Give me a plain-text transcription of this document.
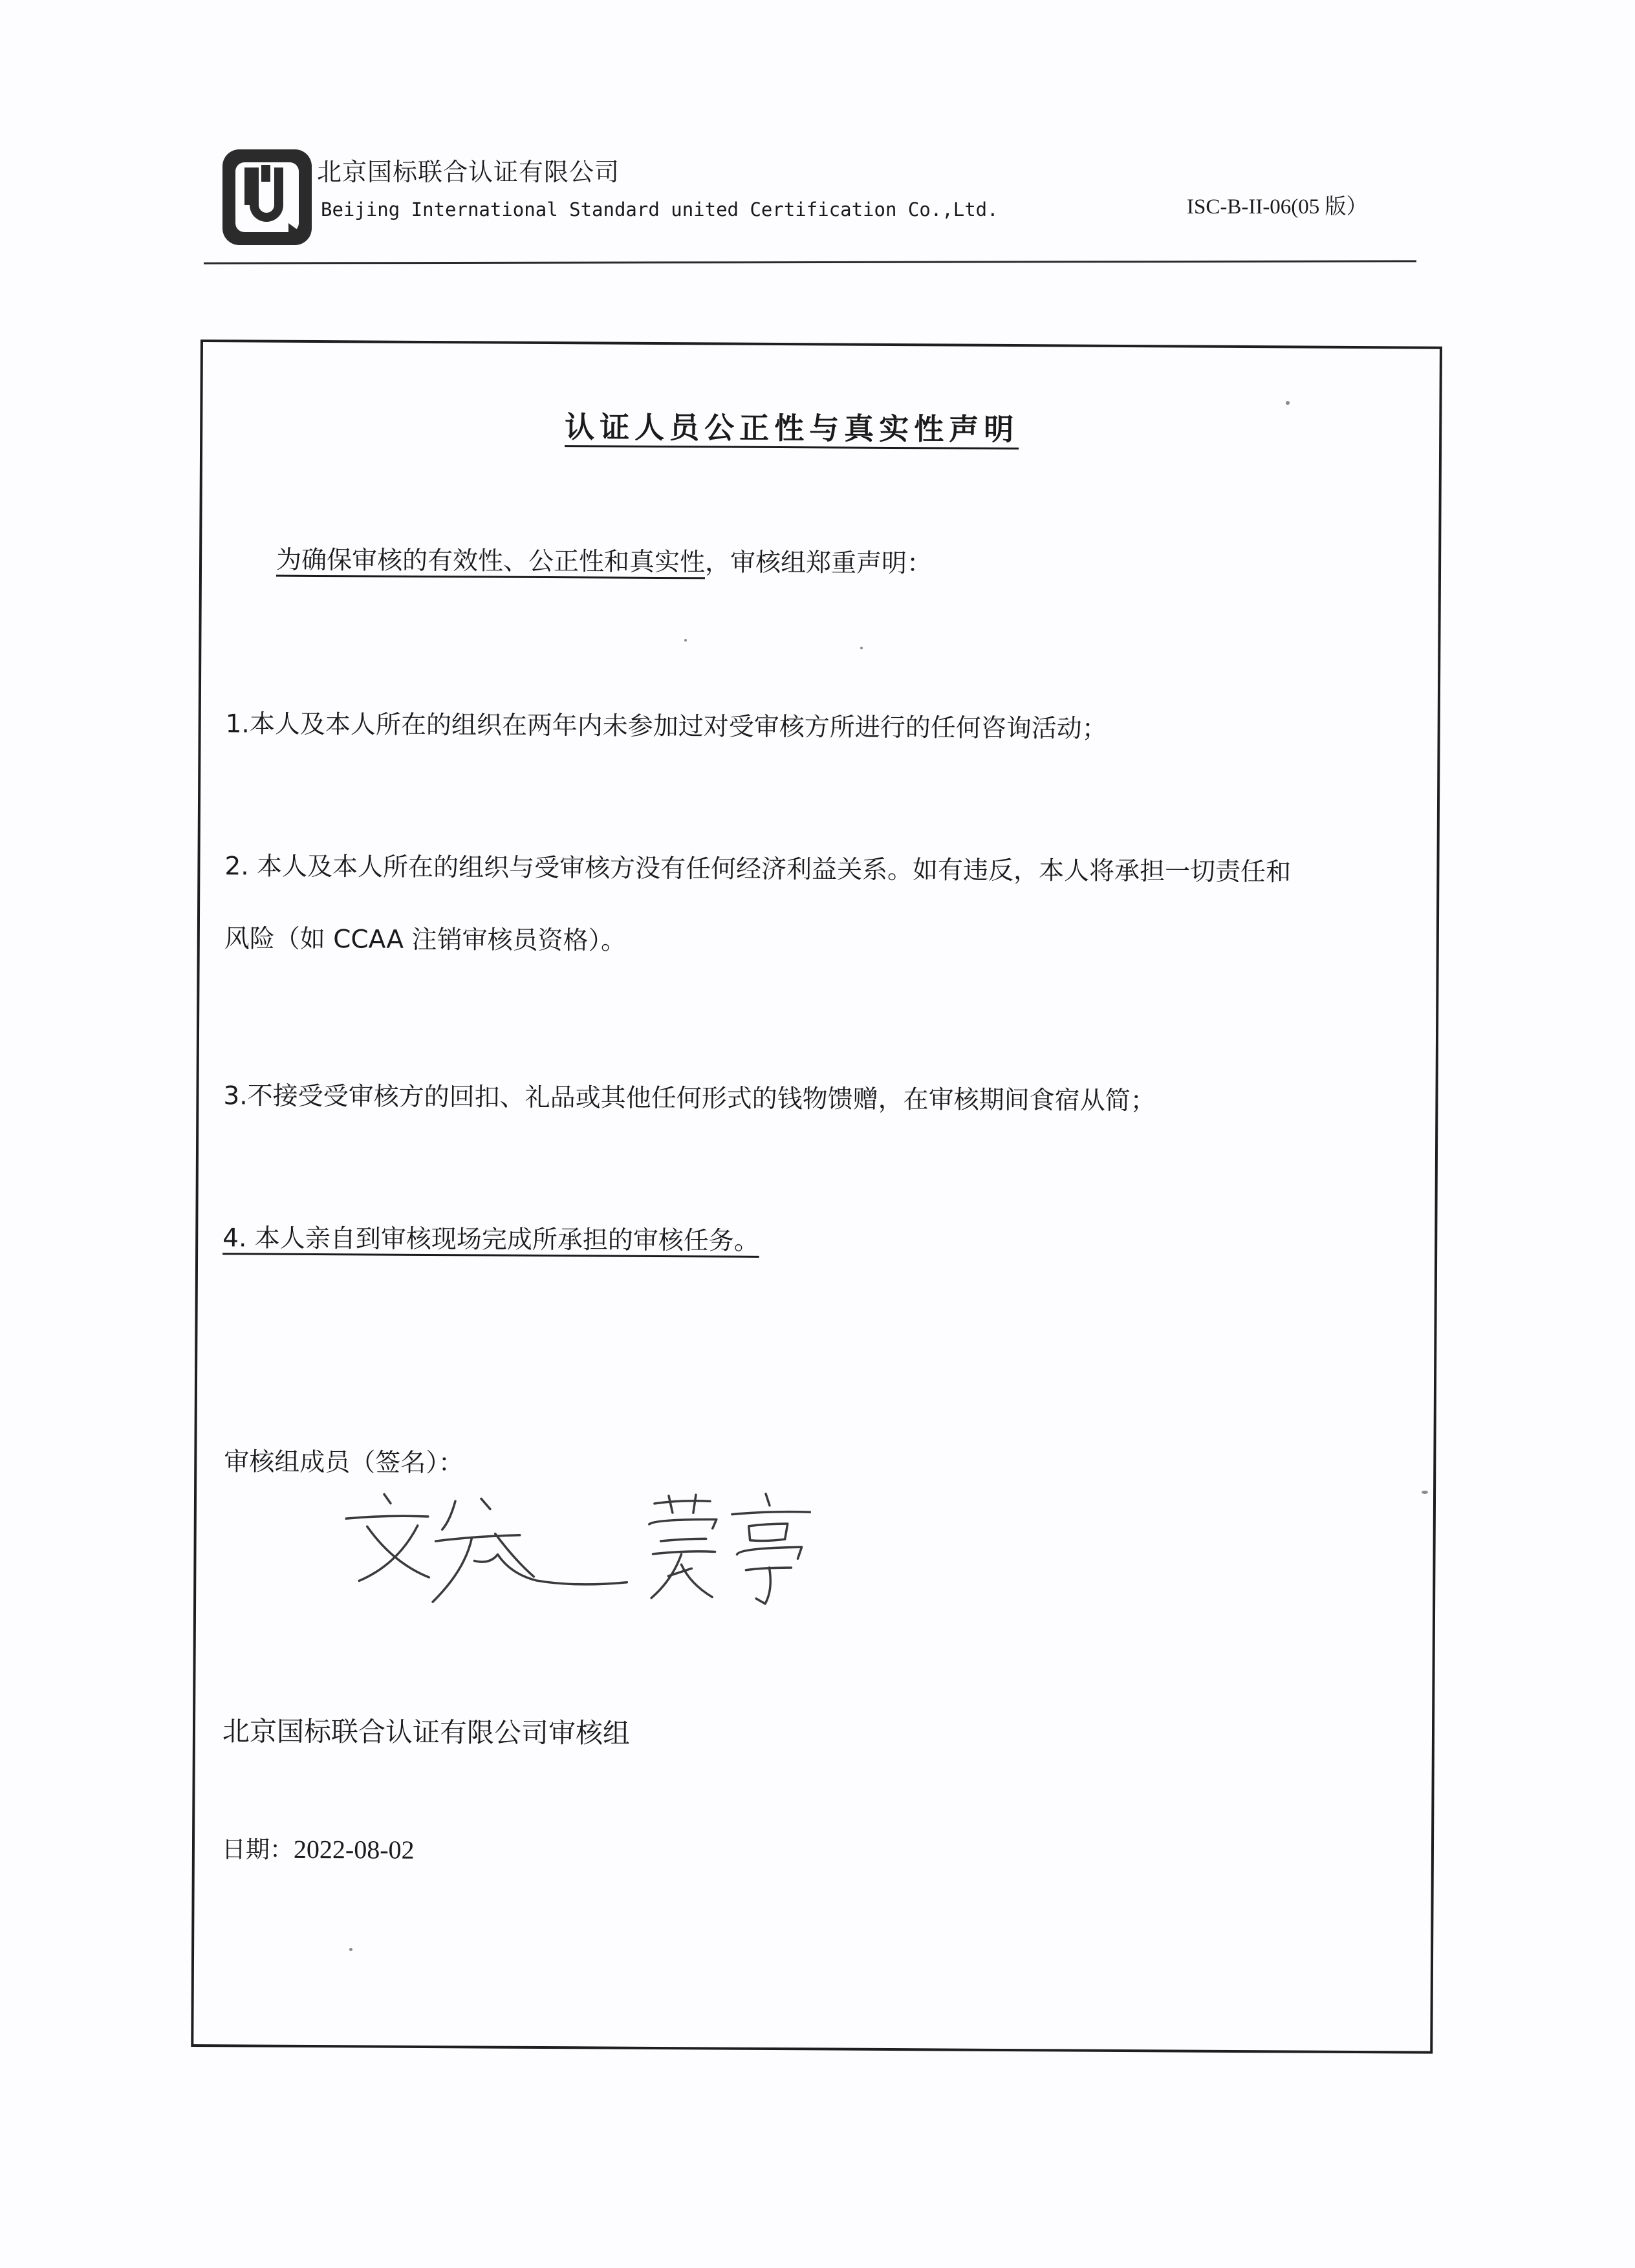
北京国标联合认证有限公司
Beijing International Standard united Certification Co.,Ltd.	ISC-B-II-06(05 版）
认证人员公正性与真实性声明
为确保审核的有效性、公正性和真实性，审核组郑重声明：
1.本人及本人所在的组织在两年内未参加过对受审核方所进行的任何咨询活动；
2. 本人及本人所在的组织与受审核方没有任何经济利益关系。如有违反，本人将承担一切责任和
风险（如 CCAA 注销审核员资格）。
3.不接受受审核方的回扣、礼品或其他任何形式的钱物馈赠，在审核期间食宿从简；
4. 本人亲自到审核现场完成所承担的审核任务。
审核组成员（签名）：
北京国标联合认证有限公司审核组
日期：2022-08-02
